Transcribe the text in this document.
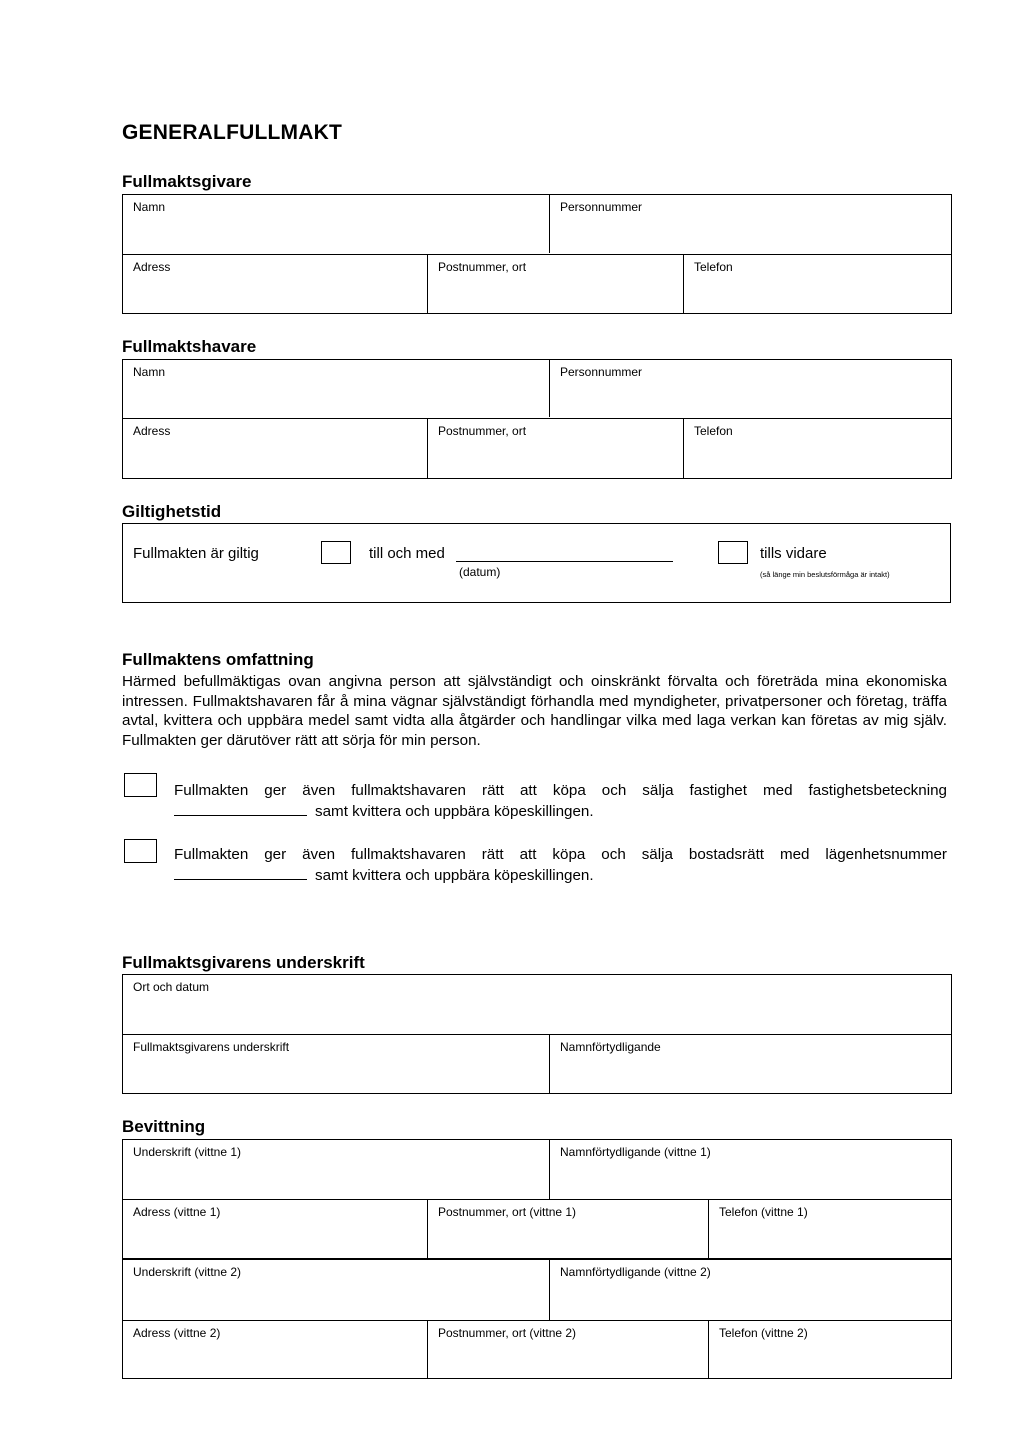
GENERALFULLMAKT
Fullmaktsgivare
Namn	Personnummer
Adress	Postnummer, ort	Telefon
Fullmaktshavare
Namn	Personnummer
Adress	Postnummer, ort	Telefon
Giltighetstid
Fullmakten är giltig	till och med
(datum)
tills vidare
(så länge min beslutsförmåga är intakt)
Fullmaktens omfattning
Härmed befullmäktigas ovan angivna person att självständigt och oinskränkt förvalta och företräda mina ekonomiska intressen. Fullmaktshavaren får å mina vägnar självständigt förhandla med myndigheter, privatpersoner och företag, träffa avtal, kvittera och uppbära medel samt vidta alla åtgärder och handlingar vilka med laga verkan kan företas av mig själv. Fullmakten ger därutöver rätt att sörja för min person.
Fullmakten ger även fullmaktshavaren rätt att köpa och sälja fastighet med fastighetsbeteckning
samt kvittera och uppbära köpeskillingen.
Fullmakten ger även fullmaktshavaren rätt att köpa och sälja bostadsrätt med lägenhetsnummer
samt kvittera och uppbära köpeskillingen.
Fullmaktsgivarens underskrift
Ort och datum
Fullmaktsgivarens underskrift	Namnförtydligande
Bevittning
Underskrift (vittne 1)	Namnförtydligande (vittne 1)
Adress (vittne 1)	Postnummer, ort (vittne 1)	Telefon (vittne 1)
Underskrift (vittne 2)	Namnförtydligande (vittne 2)
Adress (vittne 2)	Postnummer, ort (vittne 2)	Telefon (vittne 2)
